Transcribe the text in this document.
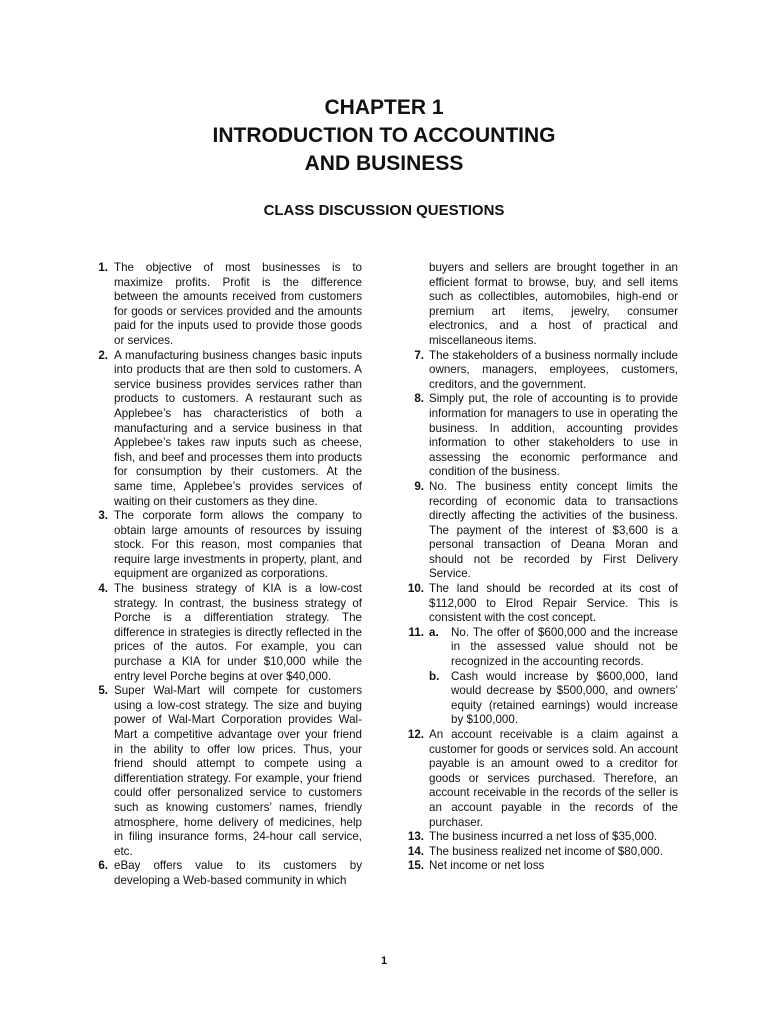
CHAPTER 1
INTRODUCTION TO ACCOUNTING
AND BUSINESS
CLASS DISCUSSION QUESTIONS
1. The objective of most businesses is to maximize profits. Profit is the difference between the amounts received from customers for goods or services provided and the amounts paid for the inputs used to provide those goods or services.
2. A manufacturing business changes basic inputs into products that are then sold to customers. A service business provides services rather than products to customers. A restaurant such as Applebee’s has characteristics of both a manufacturing and a service business in that Applebee’s takes raw inputs such as cheese, fish, and beef and processes them into products for consumption by their customers. At the same time, Applebee’s provides services of waiting on their customers as they dine.
3. The corporate form allows the company to obtain large amounts of resources by issuing stock. For this reason, most companies that require large investments in property, plant, and equipment are organized as corporations.
4. The business strategy of KIA is a low-cost strategy. In contrast, the business strategy of Porche is a differentiation strategy. The difference in strategies is directly reflected in the prices of the autos. For example, you can purchase a KIA for under $10,000 while the entry level Porche begins at over $40,000.
5. Super Wal-Mart will compete for customers using a low-cost strategy. The size and buying power of Wal-Mart Corporation provides Wal-Mart a competitive advantage over your friend in the ability to offer low prices. Thus, your friend should attempt to compete using a differentiation strategy. For example, your friend could offer personalized service to customers such as knowing customers’ names, friendly atmosphere, home delivery of medicines, help in filing insurance forms, 24-hour call service, etc.
6. eBay offers value to its customers by developing a Web-based community in which
buyers and sellers are brought together in an efficient format to browse, buy, and sell items such as collectibles, automobiles, high-end or premium art items, jewelry, consumer electronics, and a host of practical and miscellaneous items.
7. The stakeholders of a business normally include owners, managers, employees, customers, creditors, and the government.
8. Simply put, the role of accounting is to provide information for managers to use in operating the business. In addition, accounting provides information to other stakeholders to use in assessing the economic performance and condition of the business.
9. No. The business entity concept limits the recording of economic data to transactions directly affecting the activities of the business. The payment of the interest of $3,600 is a personal transaction of Deana Moran and should not be recorded by First Delivery Service.
10. The land should be recorded at its cost of $112,000 to Elrod Repair Service. This is consistent with the cost concept.
11. a. No. The offer of $600,000 and the increase in the assessed value should not be recognized in the accounting records.
b. Cash would increase by $600,000, land would decrease by $500,000, and owners’ equity (retained earnings) would increase by $100,000.
12. An account receivable is a claim against a customer for goods or services sold. An account payable is an amount owed to a creditor for goods or services purchased. Therefore, an account receivable in the records of the seller is an account payable in the records of the purchaser.
13. The business incurred a net loss of $35,000.
14. The business realized net income of $80,000.
15. Net income or net loss
1
